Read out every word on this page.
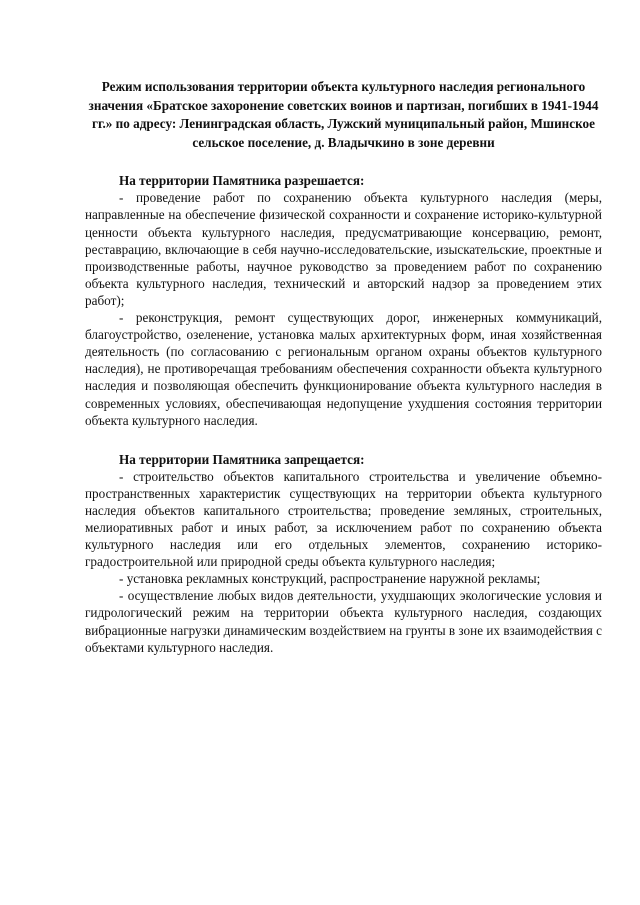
Режим использования территории объекта культурного наследия регионального значения «Братское захоронение советских воинов и партизан, погибших в 1941-1944 гг.» по адресу: Ленинградская область, Лужский муниципальный район, Мшинское сельское поселение, д. Владычкино в зоне деревни

На территории Памятника разрешается:

- проведение работ по сохранению объекта культурного наследия (меры, направленные на обеспечение физической сохранности и сохранение историко-культурной ценности объекта культурного наследия, предусматривающие консервацию, ремонт, реставрацию, включающие в себя научно-исследовательские, изыскательские, проектные и производственные работы, научное руководство за проведением работ по сохранению объекта культурного наследия, технический и авторский надзор за проведением этих работ);

- реконструкция, ремонт существующих дорог, инженерных коммуникаций, благоустройство, озеленение, установка малых архитектурных форм, иная хозяйственная деятельность (по согласованию с региональным органом охраны объектов культурного наследия), не противоречащая требованиям обеспечения сохранности объекта культурного наследия и позволяющая обеспечить функционирование объекта культурного наследия в современных условиях, обеспечивающая недопущение ухудшения состояния территории объекта культурного наследия.

На территории Памятника запрещается:

- строительство объектов капитального строительства и увеличение объемно-пространственных характеристик существующих на территории объекта культурного наследия объектов капитального строительства; проведение земляных, строительных, мелиоративных работ и иных работ, за исключением работ по сохранению объекта культурного наследия или его отдельных элементов, сохранению историко-градостроительной или природной среды объекта культурного наследия;

- установка рекламных конструкций, распространение наружной рекламы;

- осуществление любых видов деятельности, ухудшающих экологические условия и гидрологический режим на территории объекта культурного наследия, создающих вибрационные нагрузки динамическим воздействием на грунты в зоне их взаимодействия с объектами культурного наследия.
